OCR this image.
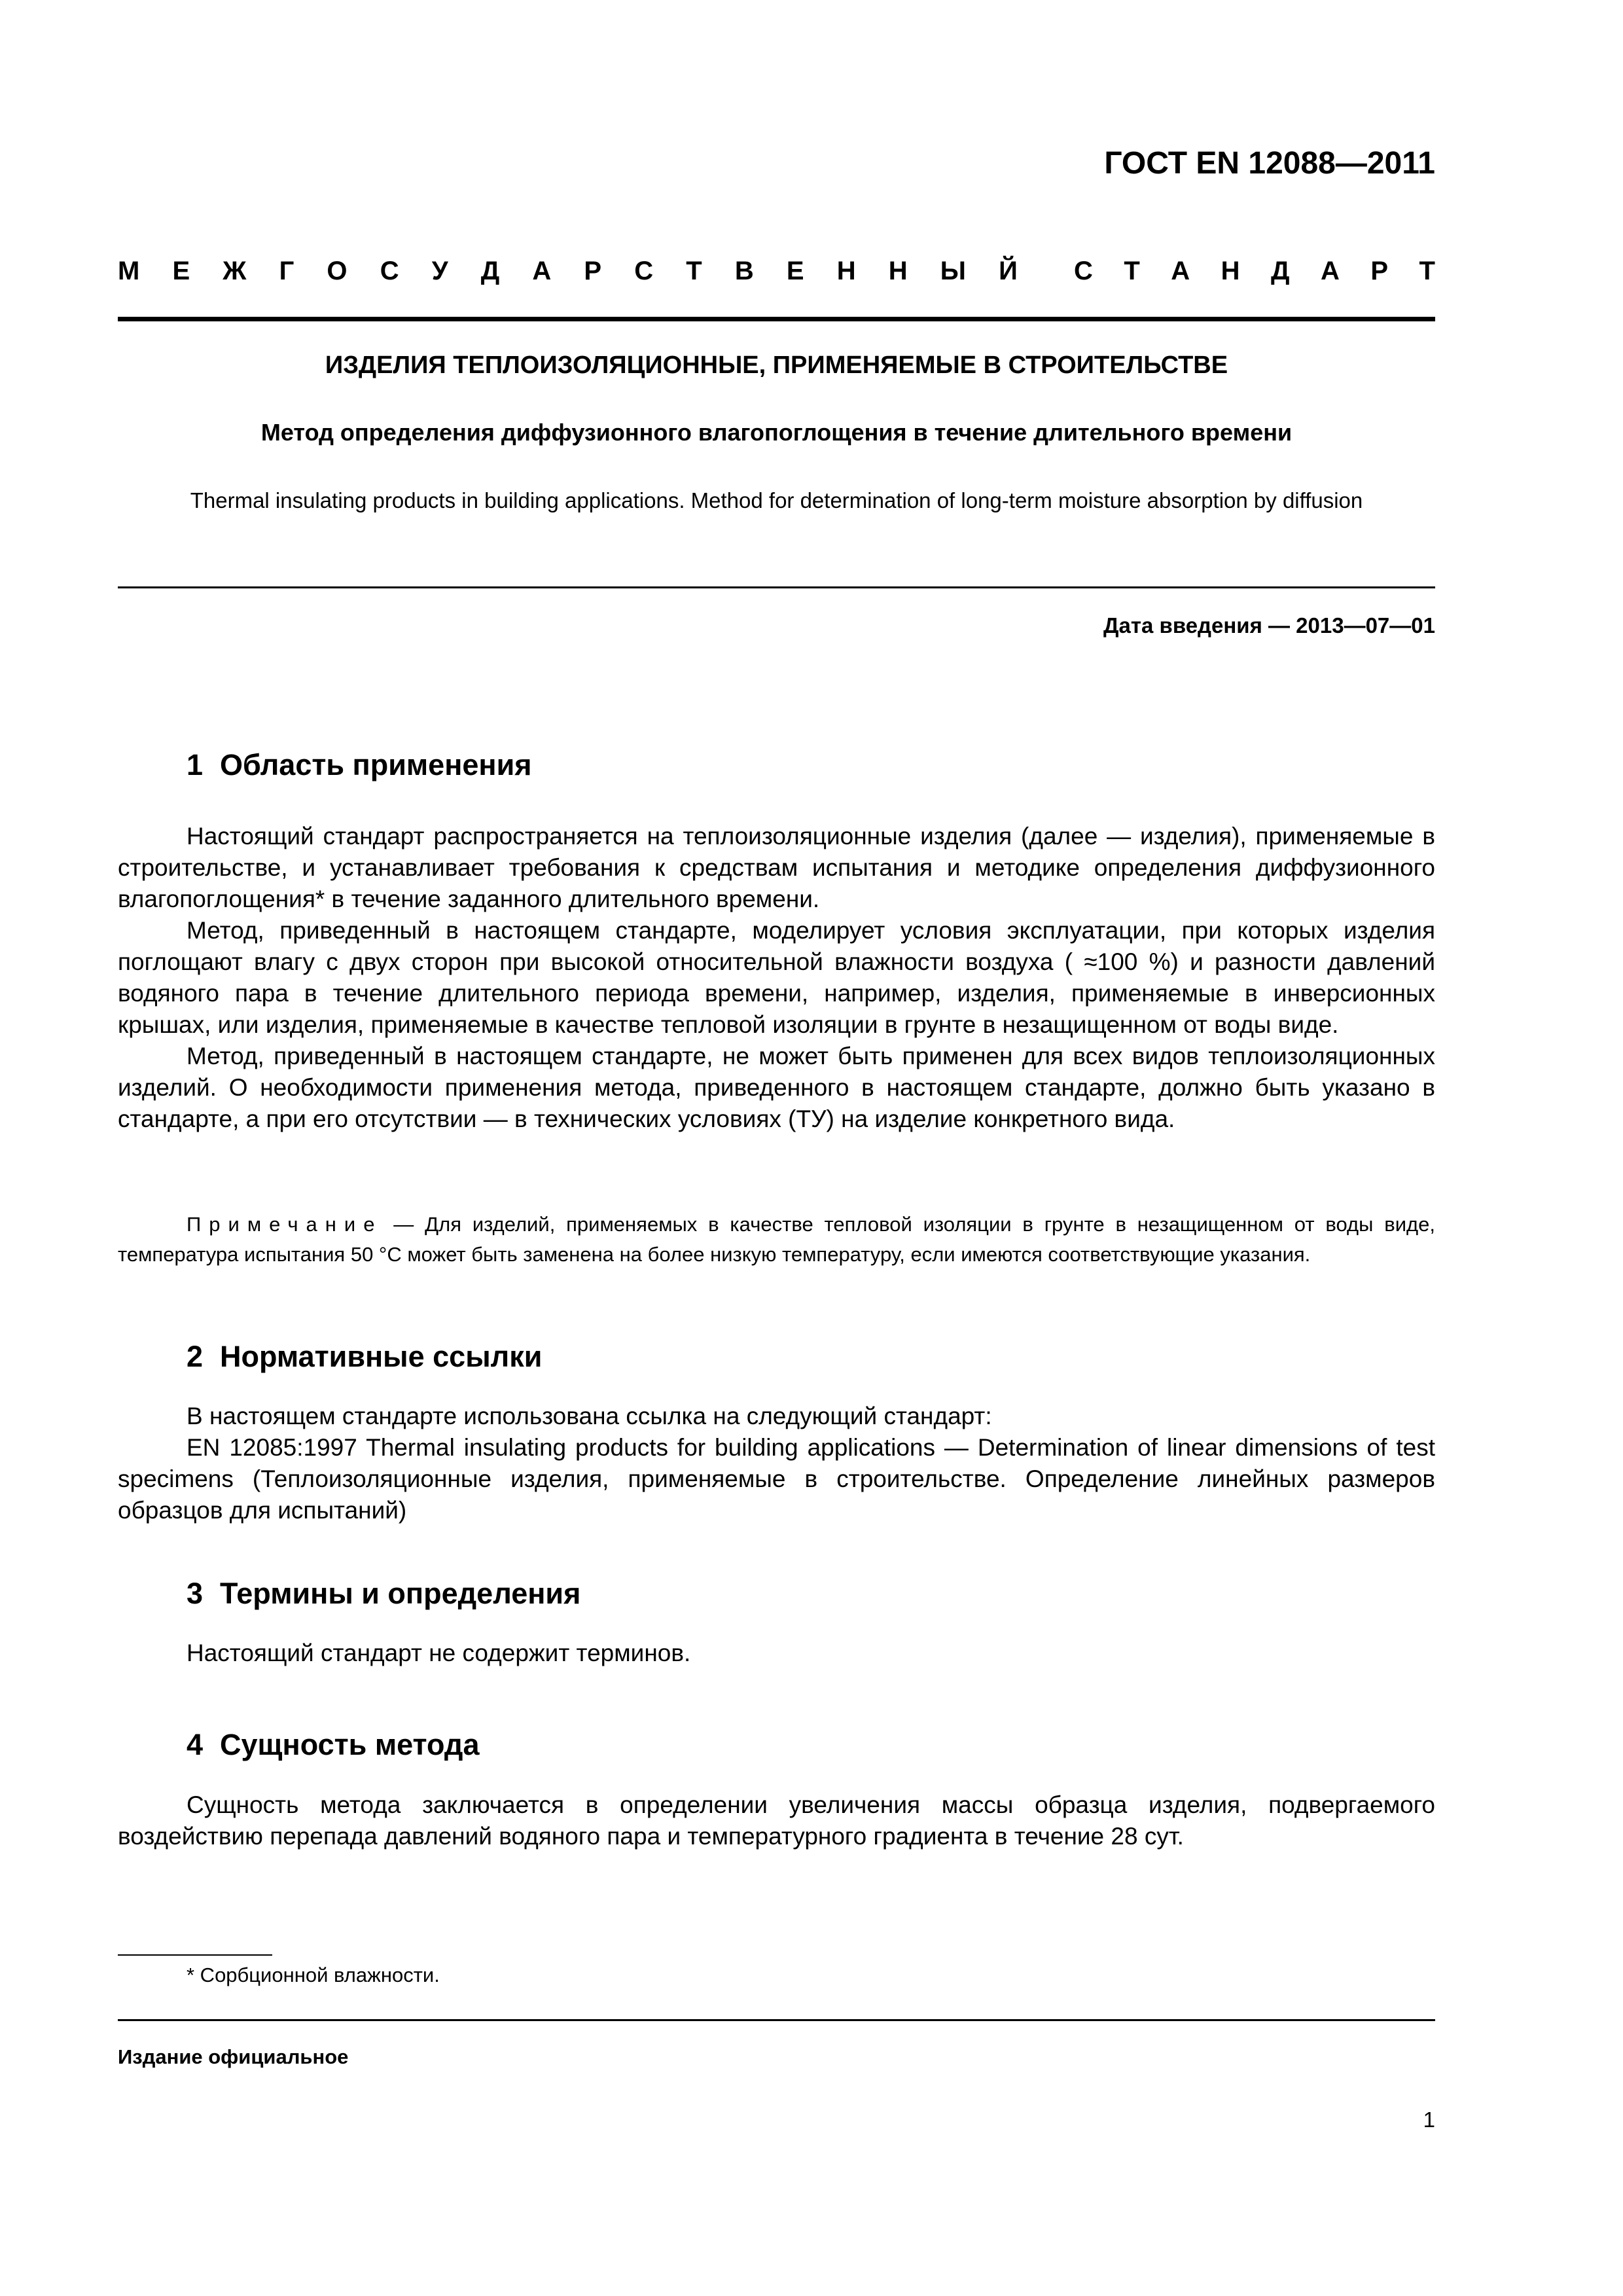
ГОСТ EN 12088—2011
М Е Ж Г О С У Д А Р С Т В Е Н Н Ы Й С Т А Н Д А Р Т
ИЗДЕЛИЯ ТЕПЛОИЗОЛЯЦИОННЫЕ, ПРИМЕНЯЕМЫЕ В СТРОИТЕЛЬСТВЕ
Метод определения диффузионного влагопоглощения в течение длительного времени
Thermal insulating products in building applications. Method for determination of long-term moisture absorption by diffusion
Дата введения — 2013—07—01
1 Область применения

Настоящий стандарт распространяется на теплоизоляционные изделия (далее — изделия), применяемые в строительстве, и устанавливает требования к средствам испытания и методике определения диффузионного влагопоглощения* в течение заданного длительного времени.

Метод, приведенный в настоящем стандарте, моделирует условия эксплуатации, при которых изделия поглощают влагу с двух сторон при высокой относительной влажности воздуха ( ≈100 %) и разности давлений водяного пара в течение длительного периода времени, например, изделия, применяемые в инверсионных крышах, или изделия, применяемые в качестве тепловой изоляции в грунте в незащищенном от воды виде.

Метод, приведенный в настоящем стандарте, не может быть применен для всех видов теплоизоляционных изделий. О необходимости применения метода, приведенного в настоящем стандарте, должно быть указано в стандарте, а при его отсутствии — в технических условиях (ТУ) на изделие конкретного вида.

Примечание — Для изделий, применяемых в качестве тепловой изоляции в грунте в незащищенном от воды виде, температура испытания 50 °С может быть заменена на более низкую температуру, если имеются соответствующие указания.
2 Нормативные ссылки

В настоящем стандарте использована ссылка на следующий стандарт:

EN 12085:1997 Thermal insulating products for building applications — Determination of linear dimensions of test specimens (Теплоизоляционные изделия, применяемые в строительстве. Определение линейных размеров образцов для испытаний)

3 Термины и определения

Настоящий стандарт не содержит терминов.

4 Сущность метода

Сущность метода заключается в определении увеличения массы образца изделия, подвергаемого воздействию перепада давлений водяного пара и температурного градиента в течение 28 сут.

* Сорбционной влажности.
Издание официальное
1
